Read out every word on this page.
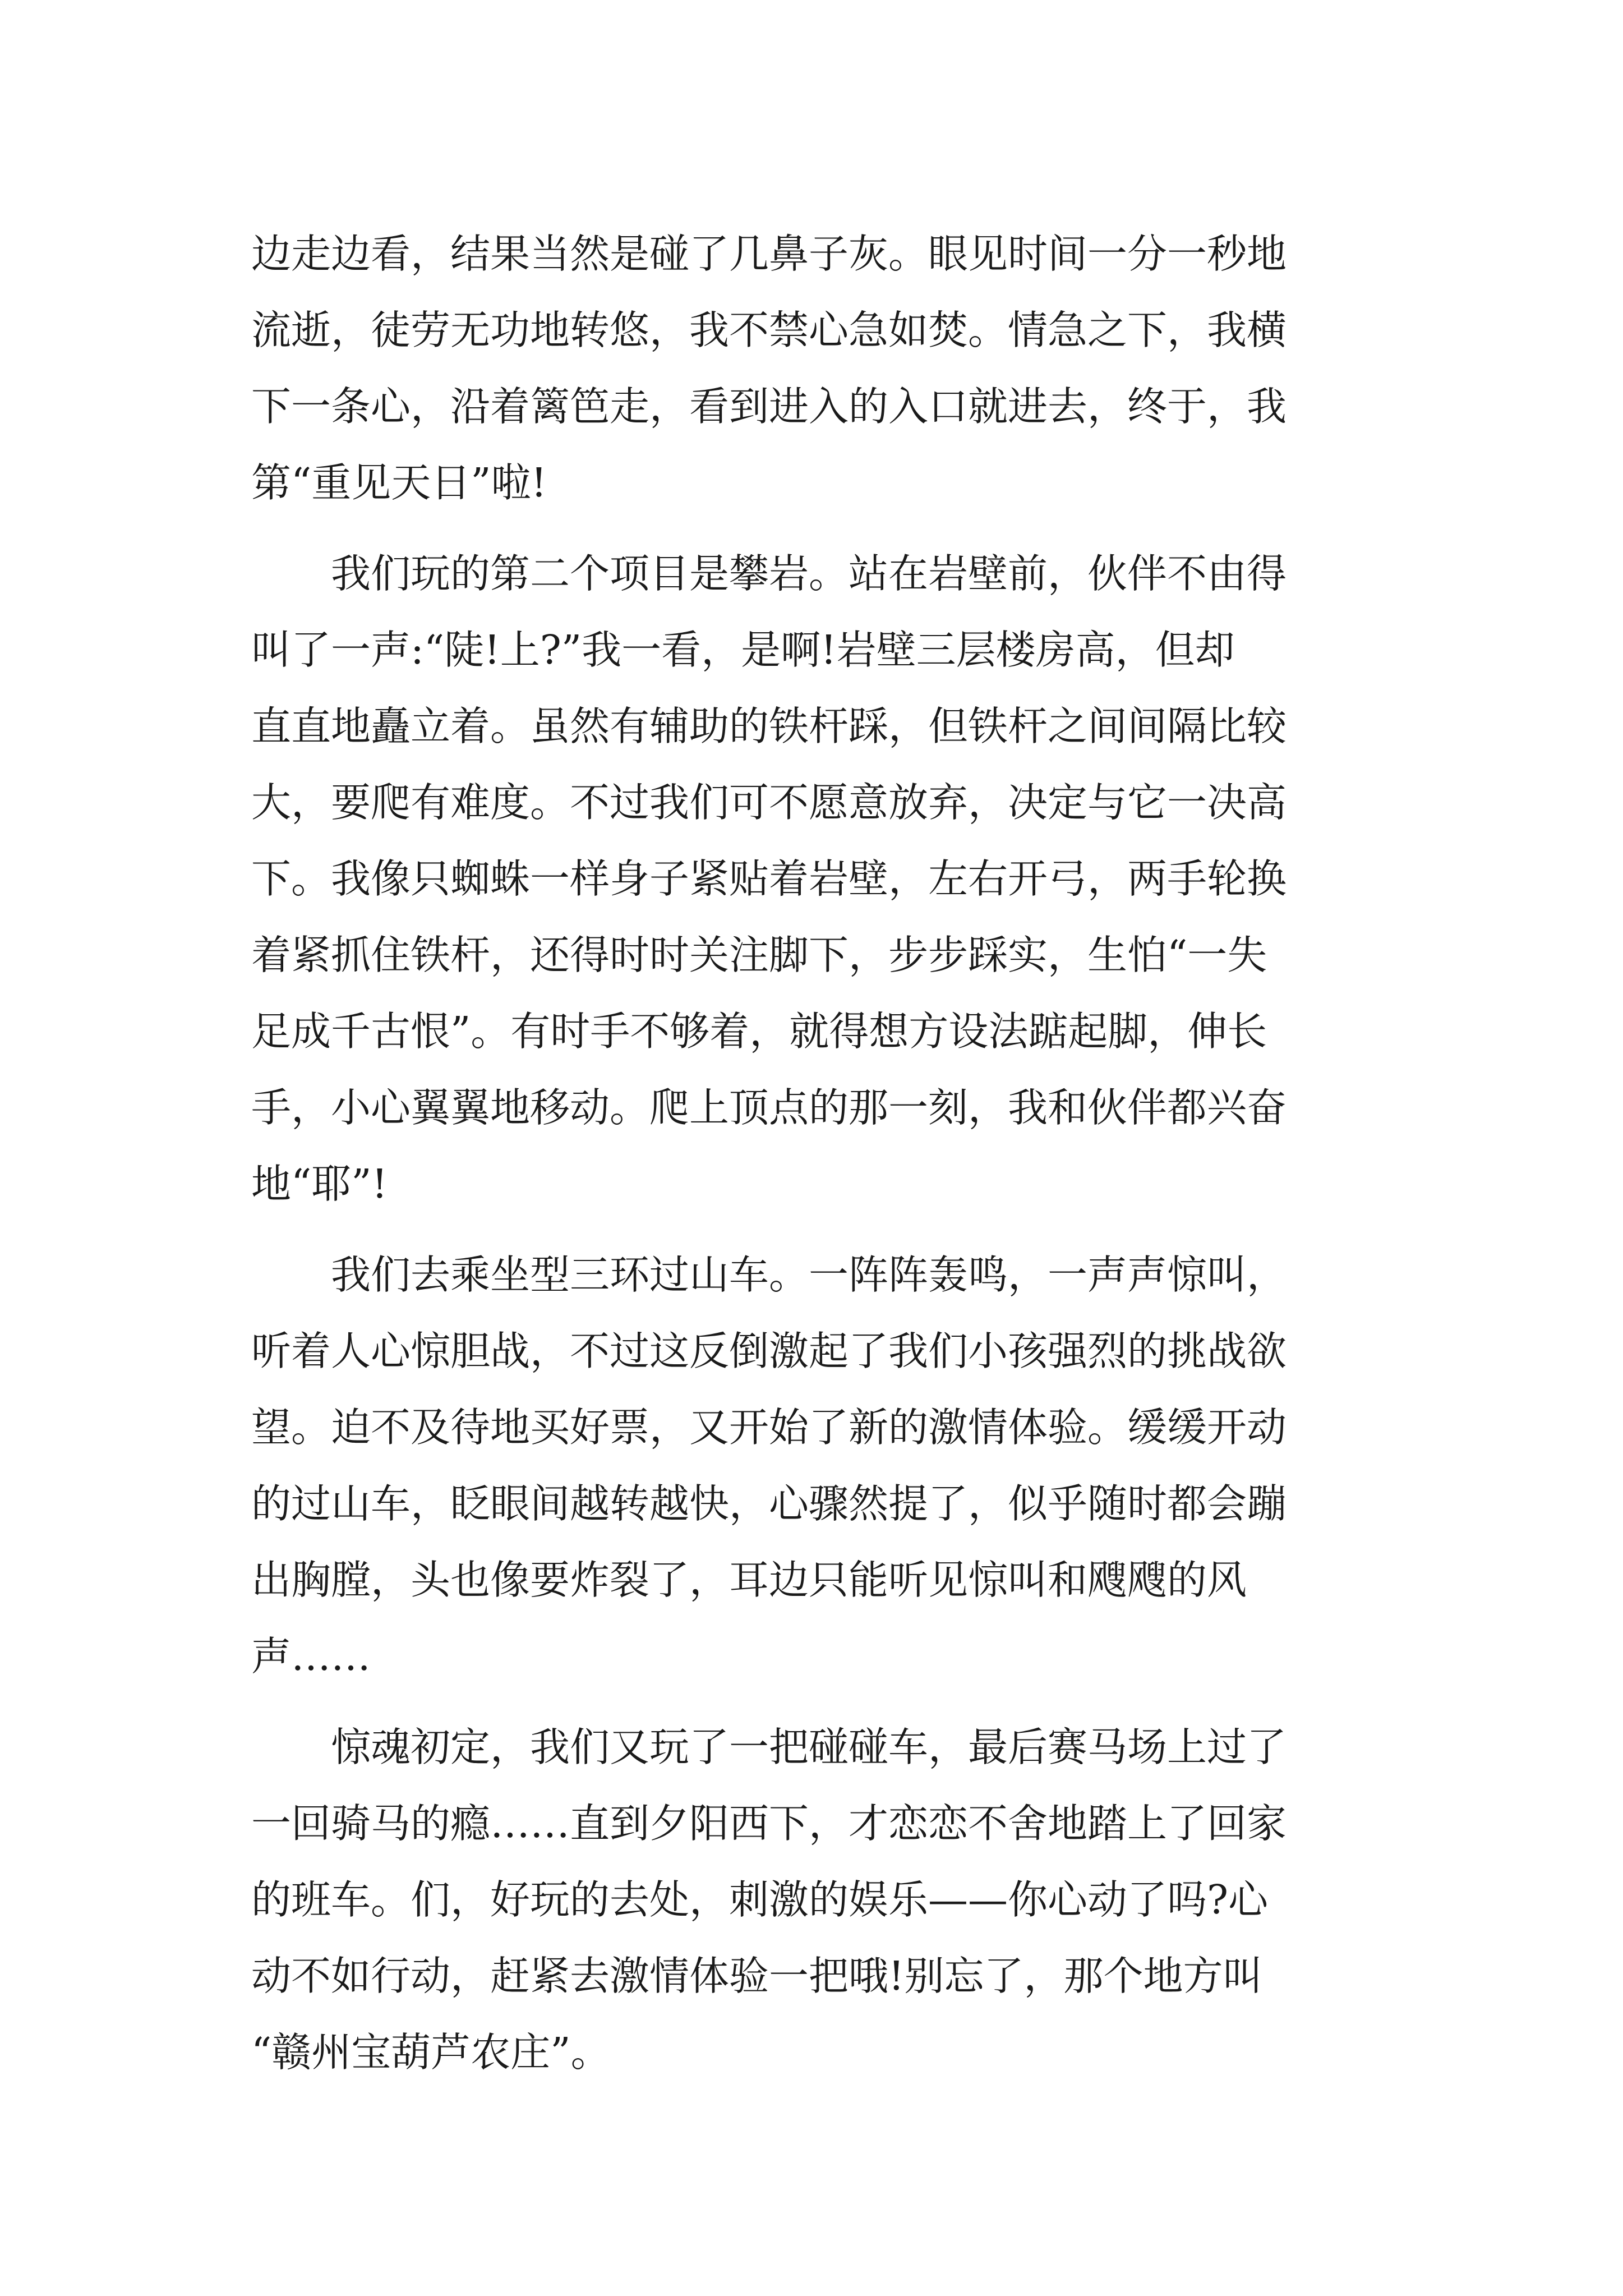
边走边看，结果当然是碰了几鼻子灰。眼见时间一分一秒地
流逝，徒劳无功地转悠，我不禁心急如焚。情急之下，我横
下一条心，沿着篱笆走，看到进入的入口就进去，终于，我
第“重见天日”啦!
我们玩的第二个项目是攀岩。站在岩壁前，伙伴不由得
叫了一声:“陡!上?”我一看，是啊!岩壁三层楼房高，但却
直直地矗立着。虽然有辅助的铁杆踩，但铁杆之间间隔比较
大，要爬有难度。不过我们可不愿意放弃，决定与它一决高
下。我像只蜘蛛一样身子紧贴着岩壁，左右开弓，两手轮换
着紧抓住铁杆，还得时时关注脚下，步步踩实，生怕“一失
足成千古恨”。有时手不够着，就得想方设法踮起脚，伸长
手，小心翼翼地移动。爬上顶点的那一刻，我和伙伴都兴奋
地“耶”!
我们去乘坐型三环过山车。一阵阵轰鸣，一声声惊叫，
听着人心惊胆战，不过这反倒激起了我们小孩强烈的挑战欲
望。迫不及待地买好票，又开始了新的激情体验。缓缓开动
的过山车，眨眼间越转越快，心骤然提了，似乎随时都会蹦
出胸膛，头也像要炸裂了，耳边只能听见惊叫和飕飕的风
声……
惊魂初定，我们又玩了一把碰碰车，最后赛马场上过了
一回骑马的瘾……直到夕阳西下，才恋恋不舍地踏上了回家
的班车。们，好玩的去处，刺激的娱乐——你心动了吗?心
动不如行动，赶紧去激情体验一把哦!别忘了，那个地方叫
“赣州宝葫芦农庄”。
